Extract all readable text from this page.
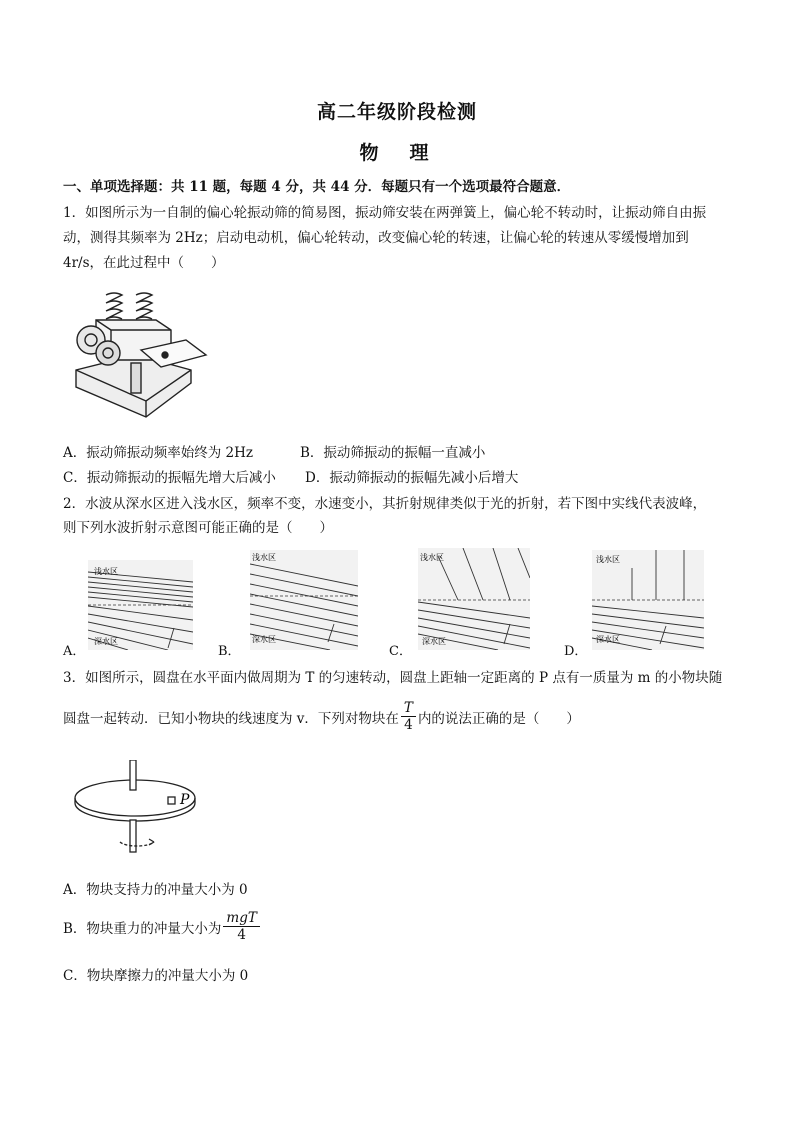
高二年级阶段检测
物　理
一、单项选择题：共 11 题，每题 4 分，共 44 分．每题只有一个选项最符合题意．
1．如图所示为一自制的偏心轮振动筛的简易图，振动筛安装在两弹簧上，偏心轮不转动时，让振动筛自由振
动，测得其频率为 2Hz；启动电动机，偏心轮转动，改变偏心轮的转速，让偏心轮的转速从零缓慢增加到
4r/s，在此过程中（　　）
A．振动筛振动频率始终为 2Hz	B．振动筛振动的振幅一直减小
C．振动筛振动的振幅先增大后减小 D．振动筛振动的振幅先减小后增大
2．水波从深水区进入浅水区，频率不变，水速变小，其折射规律类似于光的折射，若下图中实线代表波峰，
则下列水波折射示意图可能正确的是（　　）
浅水区
深水区
A．
浅水区
深水区
B．
浅水区
深水区
C．
浅水区
深水区
D．
3．如图所示，圆盘在水平面内做周期为 T 的匀速转动，圆盘上距轴一定距离的 P 点有一质量为 m 的小物块随
圆盘一起转动．已知小物块的线速度为 v．下列对物块在 $\frac{T}{4}$ 内的说法正确的是（　　）
P
A．物块支持力的冲量大小为 0
B．物块重力的冲量大小为 $\frac{\text{mgT}}{4}$
C．物块摩擦力的冲量大小为 0
